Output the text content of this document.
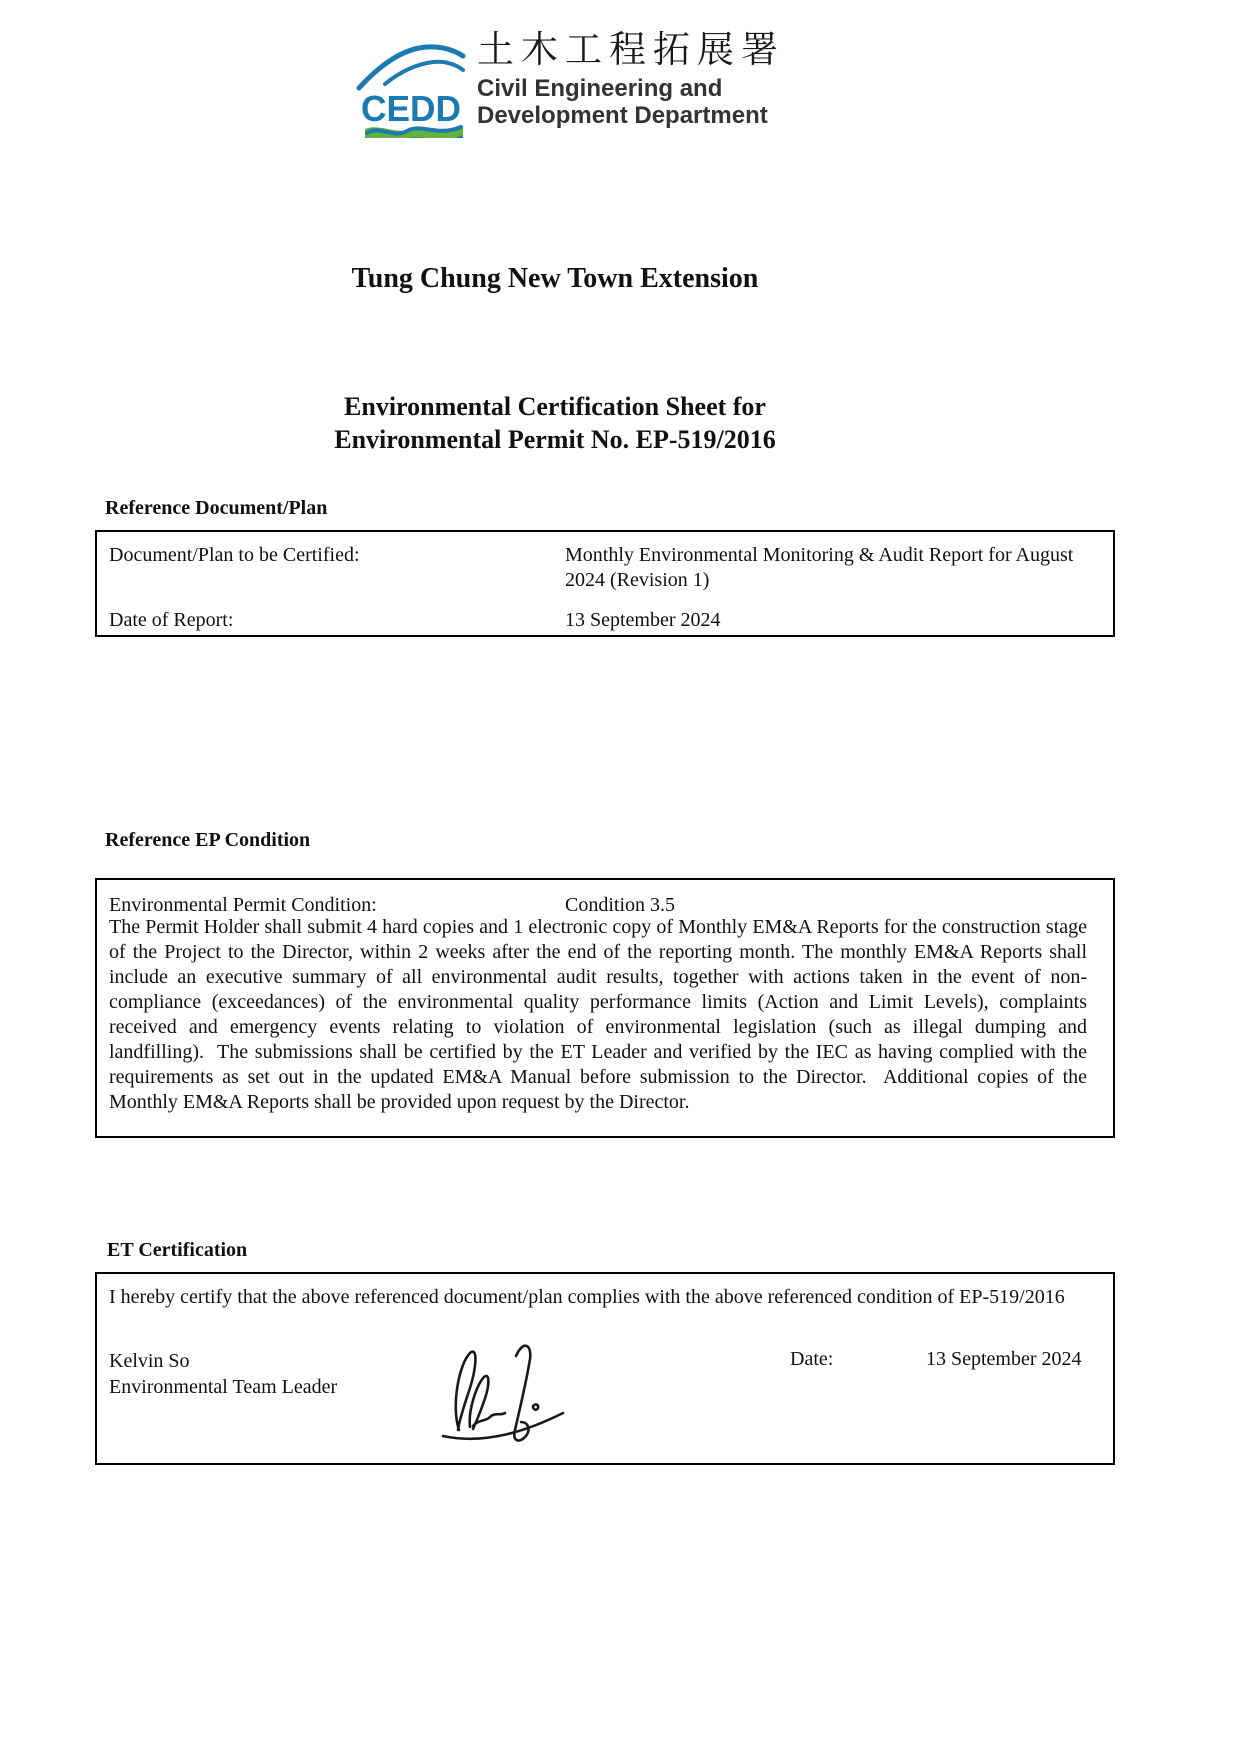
CEDD
土木工程拓展署
Civil Engineering and
Development Department
Tung Chung New Town Extension
Environmental Certification Sheet for
Environmental Permit No. EP-519/2016
Reference Document/Plan
Document/Plan to be Certified:	Monthly Environmental Monitoring & Audit Report for August 2024 (Revision 1)
Date of Report:	13 September 2024
Reference EP Condition
Environmental Permit Condition:	Condition 3.5
The Permit Holder shall submit 4 hard copies and 1 electronic copy of Monthly EM&A Reports for the construction stage of the Project to the Director, within 2 weeks after the end of the reporting month. The monthly EM&A Reports shall include an executive summary of all environmental audit results, together with actions taken in the event of non-compliance (exceedances) of the environmental quality performance limits (Action and Limit Levels), complaints received and emergency events relating to violation of environmental legislation (such as illegal dumping and landfilling).  The submissions shall be certified by the ET Leader and verified by the IEC as having complied with the requirements as set out in the updated EM&A Manual before submission to the Director.  Additional copies of the Monthly EM&A Reports shall be provided upon request by the Director.
ET Certification
I hereby certify that the above referenced document/plan complies with the above referenced condition of EP-519/2016
Kelvin So
Environmental Team Leader
Date:	13 September 2024
